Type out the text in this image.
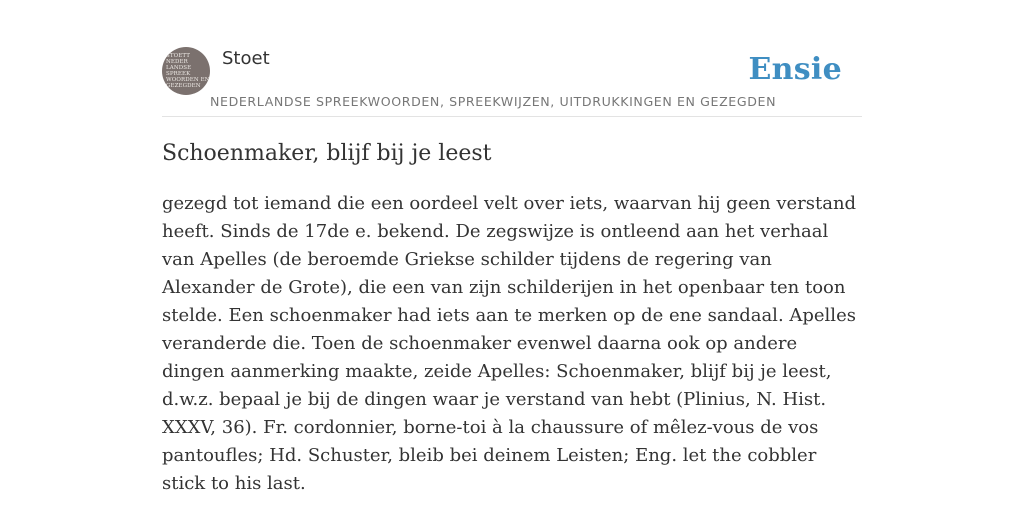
STOETT
NEDER
LANDSE
SPREEK
WOORDEN EN
GEZEGDEN
Stoet	Ensie
NEDERLANDSE SPREEKWOORDEN, SPREEKWIJZEN, UITDRUKKINGEN EN GEZEGDEN
Schoenmaker, blijf bij je leest
gezegd tot iemand die een oordeel velt over iets, waarvan hij geen verstand heeft. Sinds de 17de e. bekend. De zegswijze is ontleend aan het verhaal van Apelles (de beroemde Griekse schilder tijdens de regering van Alexander de Grote), die een van zijn schilderijen in het openbaar ten toon stelde. Een schoenmaker had iets aan te merken op de ene sandaal. Apelles veranderde die. Toen de schoenmaker evenwel daarna ook op andere dingen aanmerking maakte, zeide Apelles: Schoenmaker, blijf bij je leest, d.w.z. bepaal je bij de dingen waar je verstand van hebt (Plinius, N. Hist. XXXV, 36). Fr. cordonnier, borne-toi à la chaussure of mêlez-vous de vos pantoufles; Hd. Schuster, bleib bei deinem Leisten; Eng. let the cobbler stick to his last.
